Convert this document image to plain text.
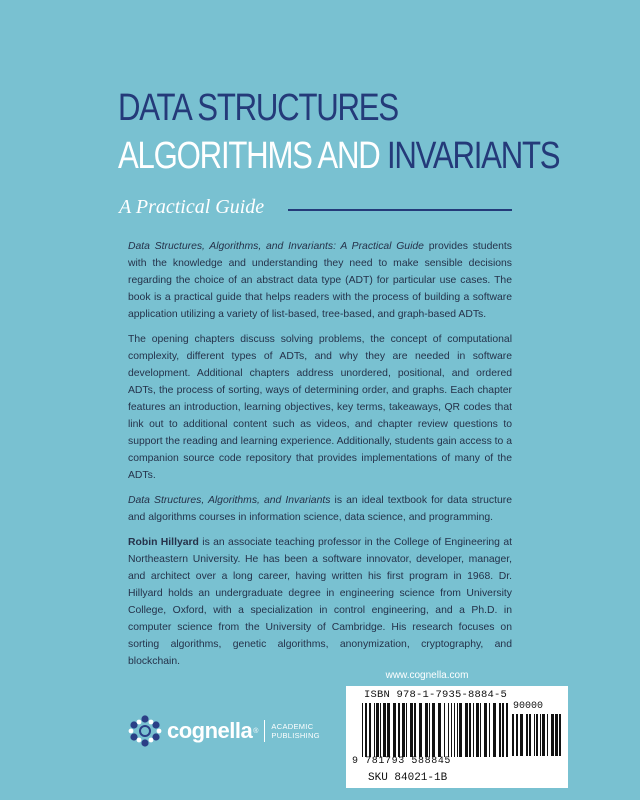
DATA STRUCTURES
ALGORITHMS AND INVARIANTS
A Practical Guide

Data Structures, Algorithms, and Invariants: A Practical Guide provides students with the knowledge and understanding they need to make sensible decisions regarding the choice of an abstract data type (ADT) for particular use cases. The book is a practical guide that helps readers with the process of building a software application utilizing a variety of list-based, tree-based, and graph-based ADTs.

The opening chapters discuss solving problems, the concept of computational complexity, different types of ADTs, and why they are needed in software development. Additional chapters address unordered, positional, and ordered ADTs, the process of sorting, ways of determining order, and graphs. Each chapter features an introduction, learning objectives, key terms, takeaways, QR codes that link out to additional content such as videos, and chapter review questions to support the reading and learning experience. Additionally, students gain access to a companion source code repository that provides implementations of many of the ADTs.

Data Structures, Algorithms, and Invariants is an ideal textbook for data structure and algorithms courses in information science, data science, and programming.

Robin Hillyard is an associate teaching professor in the College of Engineering at Northeastern University. He has been a software innovator, developer, manager, and architect over a long career, having written his first program in 1968. Dr. Hillyard holds an undergraduate degree in engineering science from University College, Oxford, with a specialization in control engineering, and a Ph.D. in computer science from the University of Cambridge. His research focuses on sorting algorithms, genetic algorithms, anonymization, cryptography, and blockchain.

cognella ® ACADEMIC
PUBLISHING
www.cognella.com
ISBN 978-1-7935-8884-5
90000
9 781793 588845
SKU 84021-1B
